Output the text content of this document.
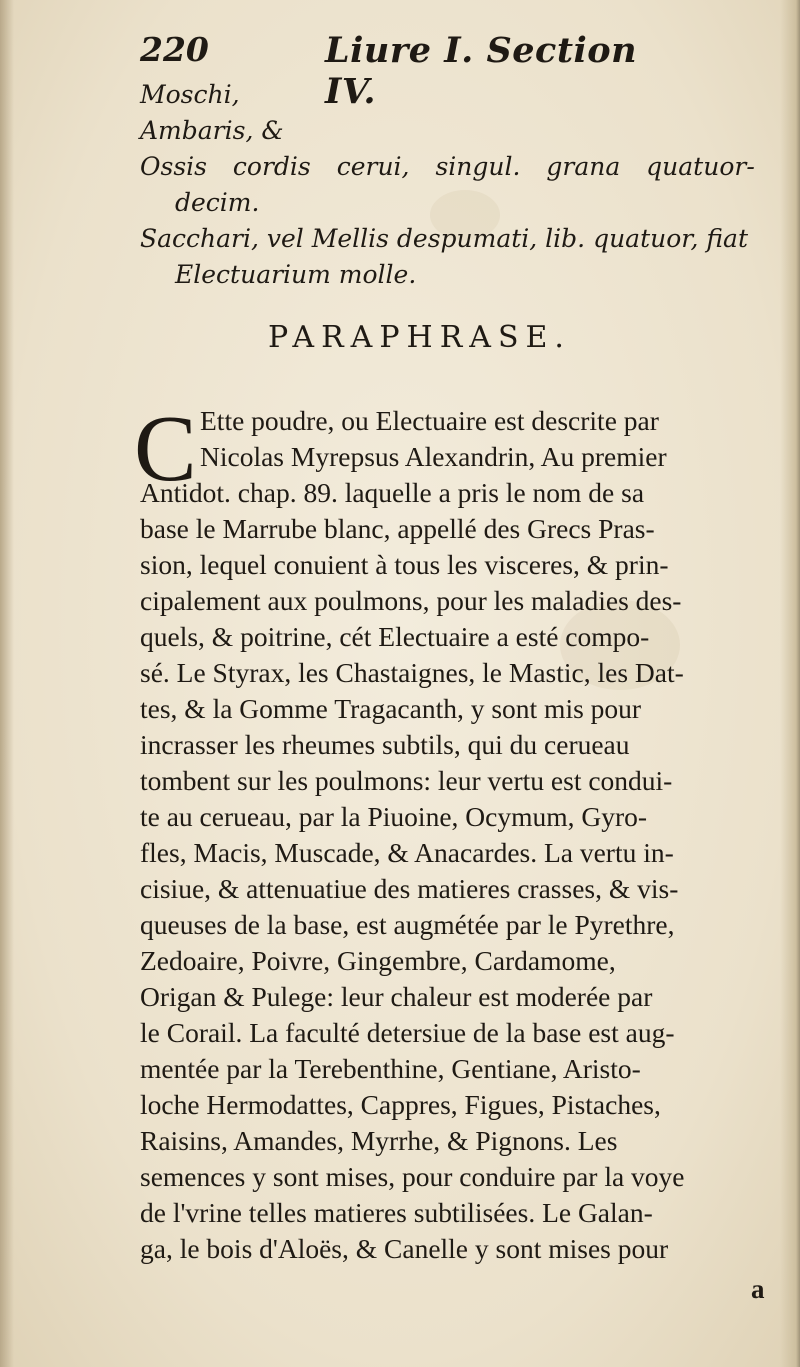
220	Liure I. Section IV.
Moschi,
Ambaris, &
Ossis cordis cerui, singul. grana quatuor-
decim.
Sacchari, vel Mellis despumati, lib. quatuor, fiat
Electuarium molle.
PARAPHRASE.
C Ette poudre, ou Electuaire est descrite par
Nicolas Myrepsus Alexandrin, Au premier
Antidot. chap. 89. laquelle a pris le nom de sa
base le Marrube blanc, appellé des Grecs Pras-
sion, lequel conuient à tous les visceres, & prin-
cipalement aux poulmons, pour les maladies des-
quels, & poitrine, cét Electuaire a esté compo-
sé. Le Styrax, les Chastaignes, le Mastic, les Dat-
tes, & la Gomme Tragacanth, y sont mis pour
incrasser les rheumes subtils, qui du cerueau
tombent sur les poulmons: leur vertu est condui-
te au cerueau, par la Piuoine, Ocymum, Gyro-
fles, Macis, Muscade, & Anacardes. La vertu in-
cisiue, & attenuatiue des matieres crasses, & vis-
queuses de la base, est augmétée par le Pyrethre,
Zedoaire, Poivre, Gingembre, Cardamome,
Origan & Pulege: leur chaleur est moderée par
le Corail. La faculté detersiue de la base est aug-
mentée par la Terebenthine, Gentiane, Aristo-
loche Hermodattes, Cappres, Figues, Pistaches,
Raisins, Amandes, Myrrhe, & Pignons. Les
semences y sont mises, pour conduire par la voye
de l'vrine telles matieres subtilisées. Le Galan-
ga, le bois d'Aloës, & Canelle y sont mises pour
a
